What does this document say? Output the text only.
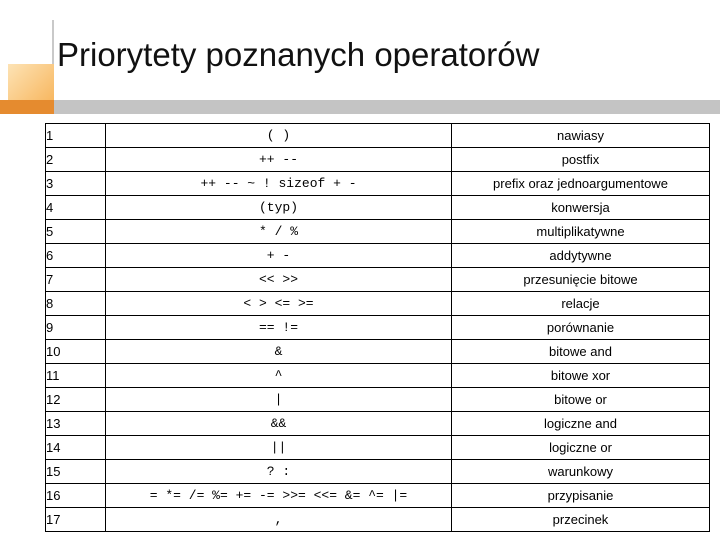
Priorytety poznanych operatorów
1	( )	nawiasy
2	++ --	postfix
3	++ -- ~ ! sizeof + -	prefix oraz jednoargumentowe
4	(typ)	konwersja
5	* / %	multiplikatywne
6	+ -	addytywne
7	<< >>	przesunięcie bitowe
8	< > <= >=	relacje
9	== !=	porównanie
10	&	bitowe and
11	^	bitowe xor
12	|	bitowe or
13	&&	logiczne and
14	||	logiczne or
15	? :	warunkowy
16	= *= /= %= += -= >>= <<= &= ^= |=	przypisanie
17	,	przecinek
